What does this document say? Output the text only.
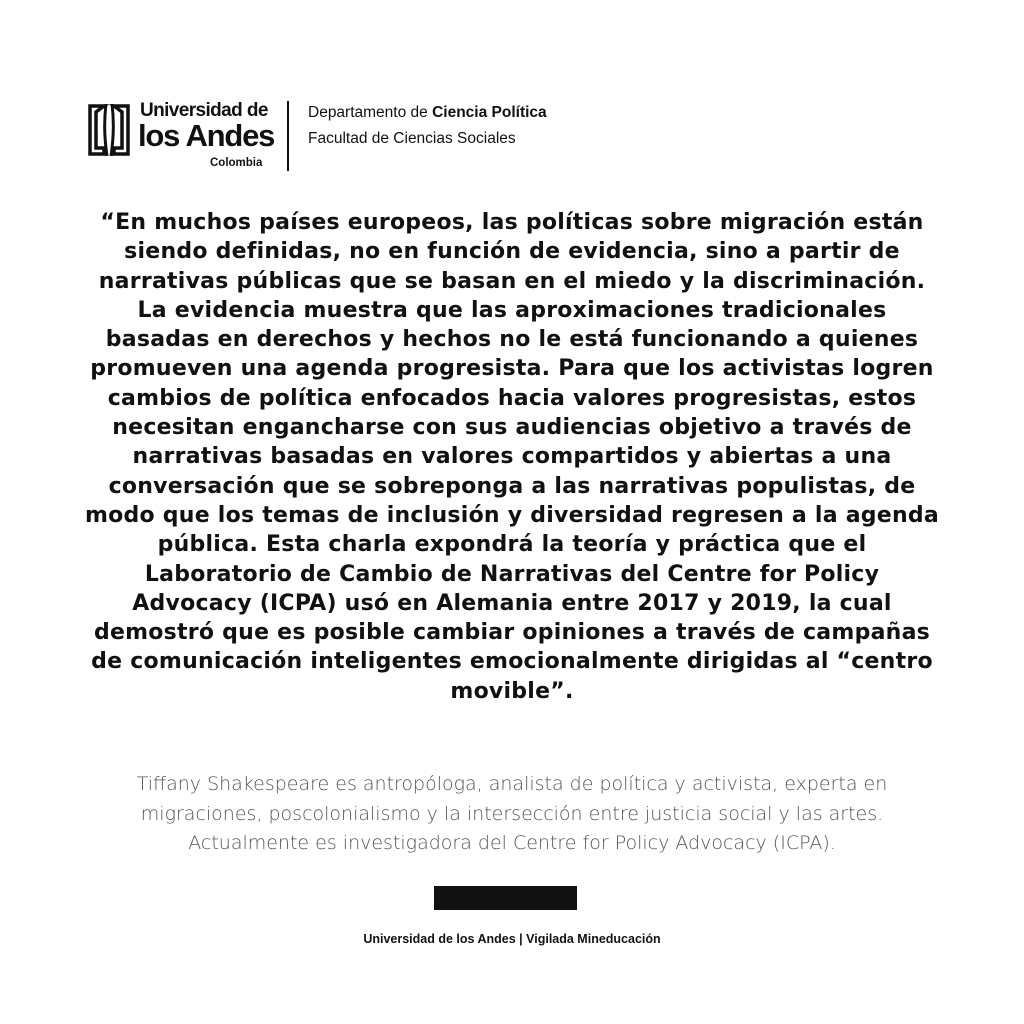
Universidad de
los Andes
Colombia
Departamento de Ciencia Política
Facultad de Ciencias Sociales

“En muchos países europeos, las políticas sobre migración están siendo definidas, no en función de evidencia, sino a partir de narrativas públicas que se basan en el miedo y la discriminación. La evidencia muestra que las aproximaciones tradicionales basadas en derechos y hechos no le está funcionando a quienes promueven una agenda progresista. Para que los activistas logren cambios de política enfocados hacia valores progresistas, estos necesitan engancharse con sus audiencias objetivo a través de narrativas basadas en valores compartidos y abiertas a una conversación que se sobreponga a las narrativas populistas, de modo que los temas de inclusión y diversidad regresen a la agenda pública. Esta charla expondrá la teoría y práctica que el Laboratorio de Cambio de Narrativas del Centre for Policy Advocacy (ICPA) usó en Alemania entre 2017 y 2019, la cual demostró que es posible cambiar opiniones a través de campañas de comunicación inteligentes emocionalmente dirigidas al “centro movible”.

Tiffany Shakespeare es antropóloga, analista de política y activista, experta en migraciones, poscolonialismo y la intersección entre justicia social y las artes. Actualmente es investigadora del Centre for Policy Advocacy (ICPA).

Universidad de los Andes | Vigilada Mineducación
